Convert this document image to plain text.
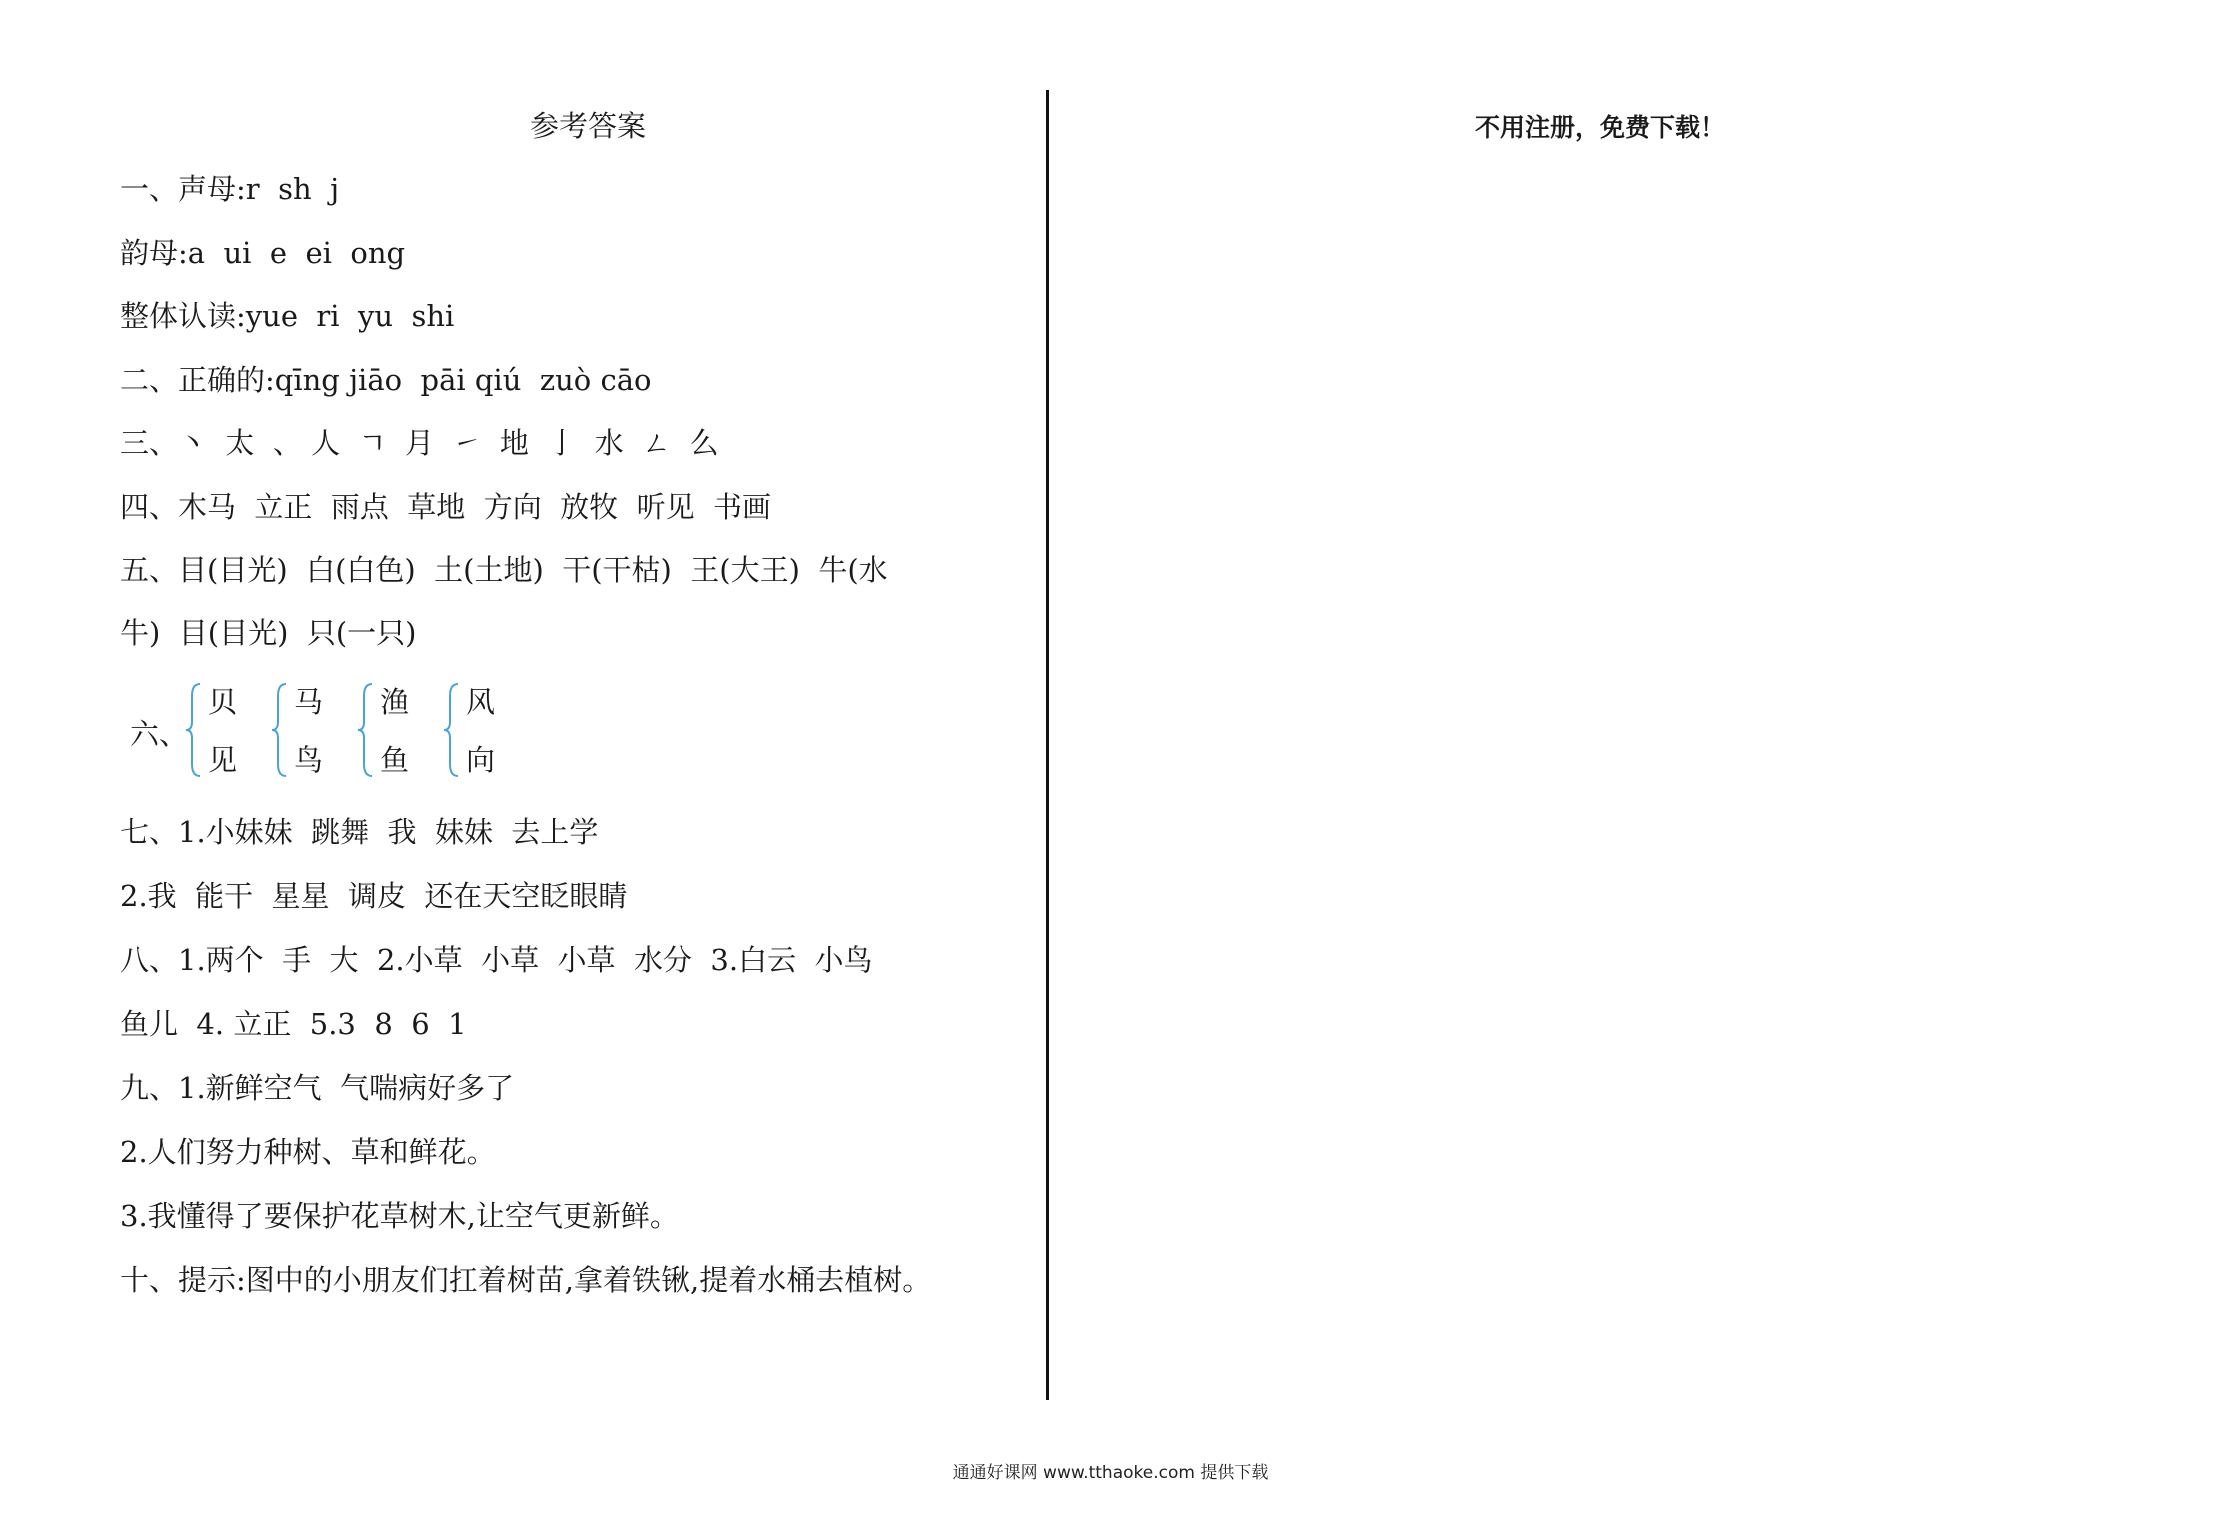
参考答案
一、声母:r  sh  j
韵母:a  ui  e  ei  ong
整体认读:yue  ri  yu  shi
二、正确的:qīng jiāo  pāi qiú  zuò cāo
三、丶  太  、 人  ㄱ  月  ㇀  地  亅  水  ㄥ  么
四、木马  立正  雨点  草地  方向  放牧  听见  书画
五、目(目光)  白(白色)  土(土地)  干(干枯)  王(大王)  牛(水
牛)  目(目光)  只(一只)
六、
贝
见
马
鸟
渔
鱼
风
向
七、1.小妹妹  跳舞  我  妹妹  去上学
2.我  能干  星星  调皮  还在天空眨眼睛
八、1.两个  手  大  2.小草  小草  小草  水分  3.白云  小鸟
鱼儿  4. 立正  5.3  8  6  1
九、1.新鲜空气  气喘病好多了
2.人们努力种树、草和鲜花。
3.我懂得了要保护花草树木,让空气更新鲜。
十、提示:图中的小朋友们扛着树苗,拿着铁锹,提着水桶去植树。
不用注册，免费下载！
通通好课网 www.tthaoke.com 提供下载
